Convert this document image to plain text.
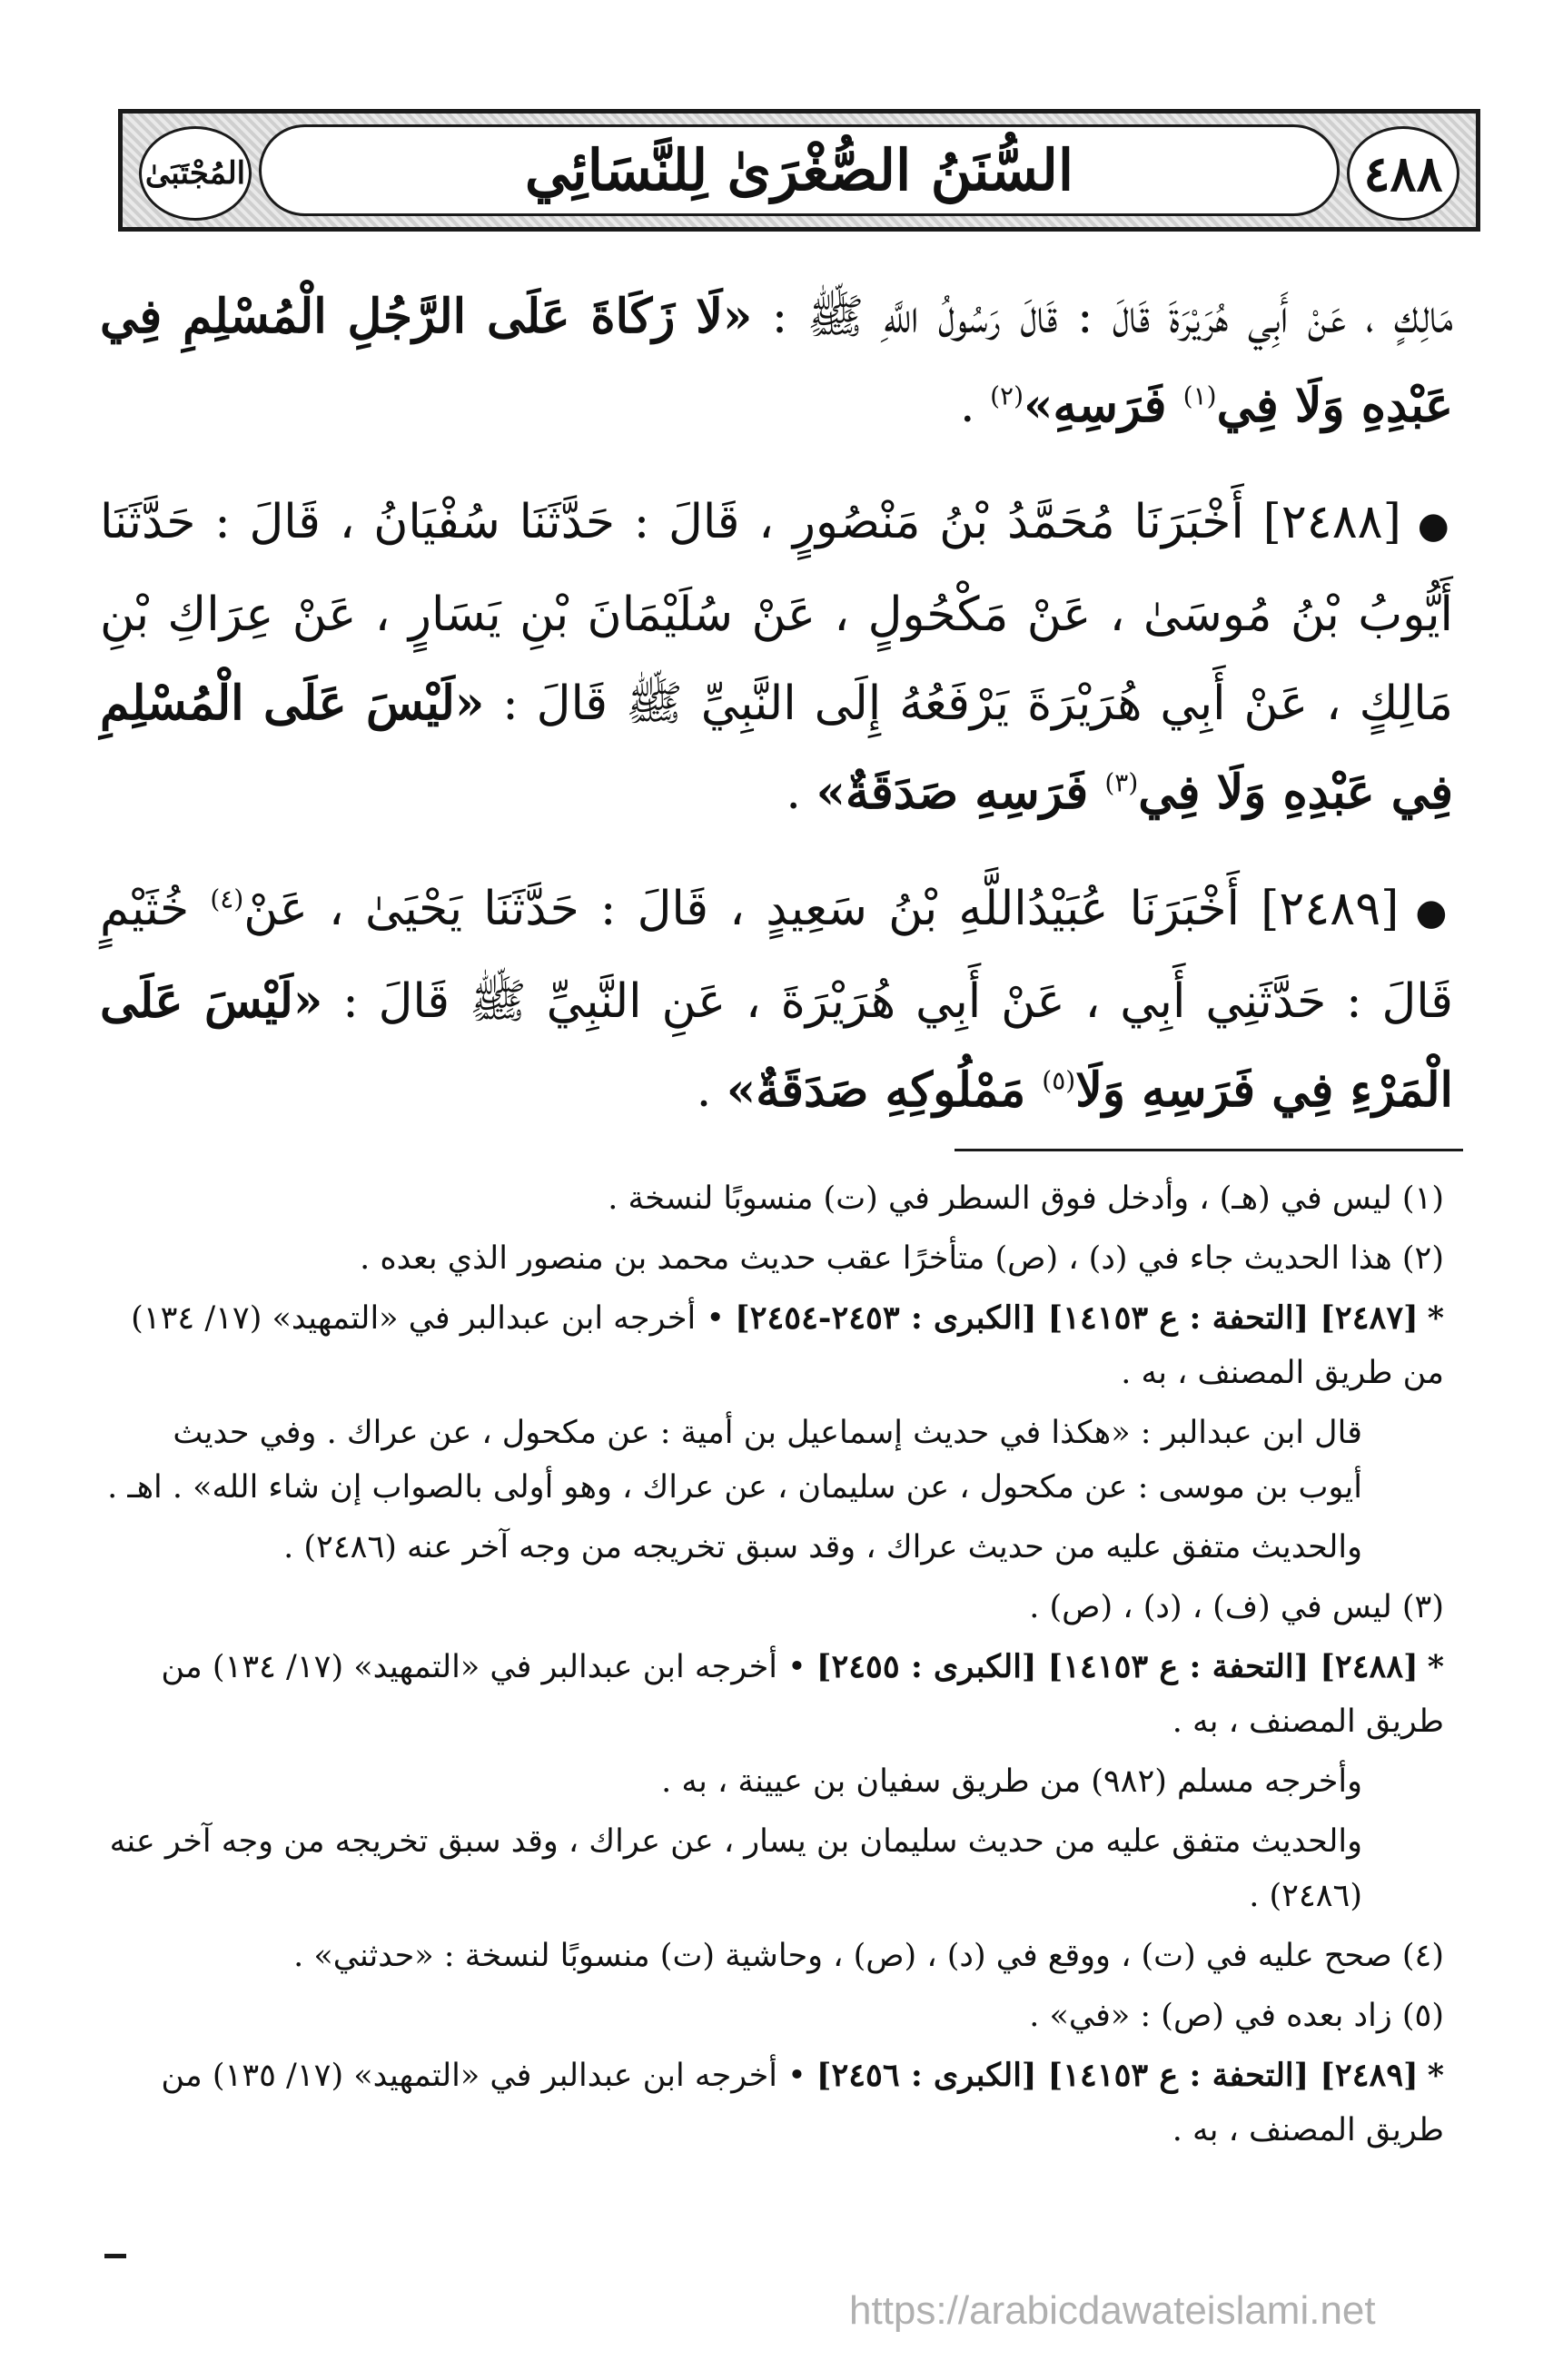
المُجْتَبَىٰ	السُّنَنُ الصُّغْرَىٰ لِلنَّسَائِي	٤٨٨

مَالِكٍ ، عَنْ أَبِي هُرَيْرَةَ قَالَ : قَالَ رَسُولُ اللَّهِ ﷺ : «لَا زَكَاةَ عَلَى الرَّجُلِ الْمُسْلِمِ فِي عَبْدِهِ وَلَا فِي$^{(١)}$ فَرَسِهِ»$^{(٢)}$ .

●[٢٤٨٨] أَخْبَرَنَا مُحَمَّدُ بْنُ مَنْصُورٍ ، قَالَ : حَدَّثَنَا سُفْيَانُ ، قَالَ : حَدَّثَنَا أَيُّوبُ بْنُ مُوسَىٰ ، عَنْ مَكْحُولٍ ، عَنْ سُلَيْمَانَ بْنِ يَسَارٍ ، عَنْ عِرَاكِ بْنِ مَالِكٍ ، عَنْ أَبِي هُرَيْرَةَ يَرْفَعُهُ إِلَى النَّبِيِّ ﷺ قَالَ : «لَيْسَ عَلَى الْمُسْلِمِ فِي عَبْدِهِ وَلَا فِي$^{(٣)}$ فَرَسِهِ صَدَقَةٌ» .

●[٢٤٨٩] أَخْبَرَنَا عُبَيْدُاللَّهِ بْنُ سَعِيدٍ ، قَالَ : حَدَّثَنَا يَحْيَىٰ ، عَنْ$^{(٤)}$ خُثَيْمٍ قَالَ : حَدَّثَنِي أَبِي ، عَنْ أَبِي هُرَيْرَةَ ، عَنِ النَّبِيِّ ﷺ قَالَ : «لَيْسَ عَلَى الْمَرْءِ فِي فَرَسِهِ وَلَا$^{(٥)}$ مَمْلُوكِهِ صَدَقَةٌ» .

(١) ليس في (هـ) ، وأدخل فوق السطر في (ت) منسوبًا لنسخة .

(٢) هذا الحديث جاء في (د) ، (ص) متأخرًا عقب حديث محمد بن منصور الذي بعده .

*[٢٤٨٧] [التحفة : ع ١٤١٥٣] [الكبرى : ٢٤٥٣-٢٤٥٤] • أخرجه ابن عبدالبر في «التمهيد» (١٧/ ١٣٤) من طريق المصنف ، به .

قال ابن عبدالبر : «هكذا في حديث إسماعيل بن أمية : عن مكحول ، عن عراك . وفي حديث أيوب بن موسى : عن مكحول ، عن سليمان ، عن عراك ، وهو أولى بالصواب إن شاء الله» . اهـ .

والحديث متفق عليه من حديث عراك ، وقد سبق تخريجه من وجه آخر عنه (٢٤٨٦) .

(٣) ليس في (ف) ، (د) ، (ص) .

*[٢٤٨٨] [التحفة : ع ١٤١٥٣] [الكبرى : ٢٤٥٥] • أخرجه ابن عبدالبر في «التمهيد» (١٧/ ١٣٤) من طريق المصنف ، به .

وأخرجه مسلم (٩٨٢) من طريق سفيان بن عيينة ، به .

والحديث متفق عليه من حديث سليمان بن يسار ، عن عراك ، وقد سبق تخريجه من وجه آخر عنه (٢٤٨٦) .

(٤) صحح عليه في (ت) ، ووقع في (د) ، (ص) ، وحاشية (ت) منسوبًا لنسخة : «حدثني» .

(٥) زاد بعده في (ص) : «في» .

*[٢٤٨٩] [التحفة : ع ١٤١٥٣] [الكبرى : ٢٤٥٦] • أخرجه ابن عبدالبر في «التمهيد» (١٧/ ١٣٥) من طريق المصنف ، به .

https://arabicdawateislami.net
